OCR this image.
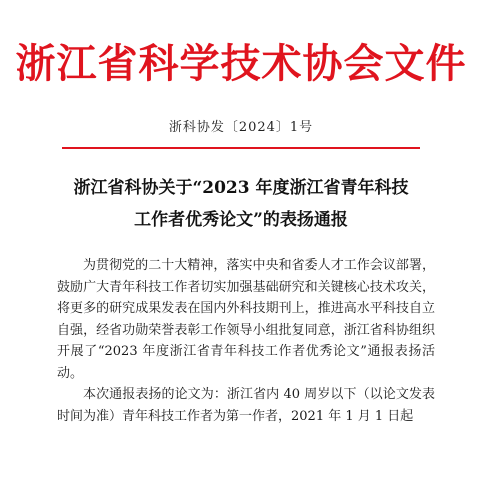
浙江省科学技术协会文件
浙科协发〔2024〕1号
浙江省科协关于“2023 年度浙江省青年科技
工作者优秀论文”的表扬通报

为贯彻党的二十大精神，落实中央和省委人才工作会议部署，鼓励广大青年科技工作者切实加强基础研究和关键核心技术攻关，将更多的研究成果发表在国内外科技期刊上，推进高水平科技自立自强，经省功勋荣誉表彰工作领导小组批复同意，浙江省科协组织开展了“2023 年度浙江省青年科技工作者优秀论文”通报表扬活动。

本次通报表扬的论文为：浙江省内 40 周岁以下（以论文发表时间为准）青年科技工作者为第一作者，2021 年 1 月 1 日起
